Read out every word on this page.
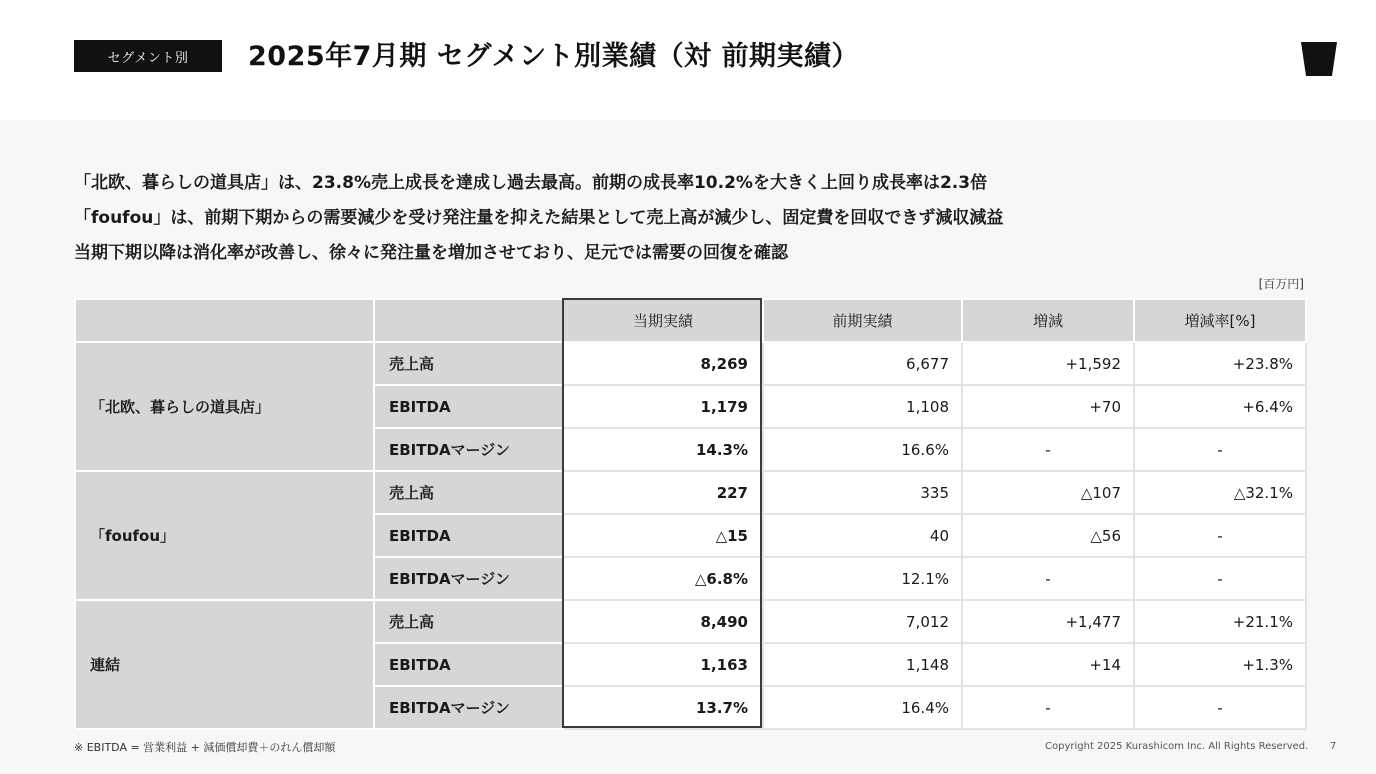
セグメント別	2025年7月期 セグメント別業績（対 前期実績）
「北欧、暮らしの道具店」は、23.8%売上成長を達成し過去最高。前期の成長率10.2%を大きく上回り成長率は2.3倍
「foufou」は、前期下期からの需要減少を受け発注量を抑えた結果として売上高が減少し、固定費を回収できず減収減益
当期下期以降は消化率が改善し、徐々に発注量を増加させており、足元では需要の回復を確認
[百万円]
		当期実績	前期実績	増減	増減率[%]
「北欧、暮らしの道具店」	売上高	8,269	6,677	+1,592	+23.8%
	EBITDA	1,179	1,108	+70	+6.4%
	EBITDAマージン	14.3%	16.6%	-	-
「foufou」	売上高	227	335	△107	△32.1%
	EBITDA	△15	40	△56	-
	EBITDAマージン	△6.8%	12.1%	-	-
連結	売上高	8,490	7,012	+1,477	+21.1%
	EBITDA	1,163	1,148	+14	+1.3%
	EBITDAマージン	13.7%	16.4%	-	-
※ EBITDA = 営業利益 + 減価償却費＋のれん償却額	Copyright 2025 Kurashicom Inc. All Rights Reserved. 7
